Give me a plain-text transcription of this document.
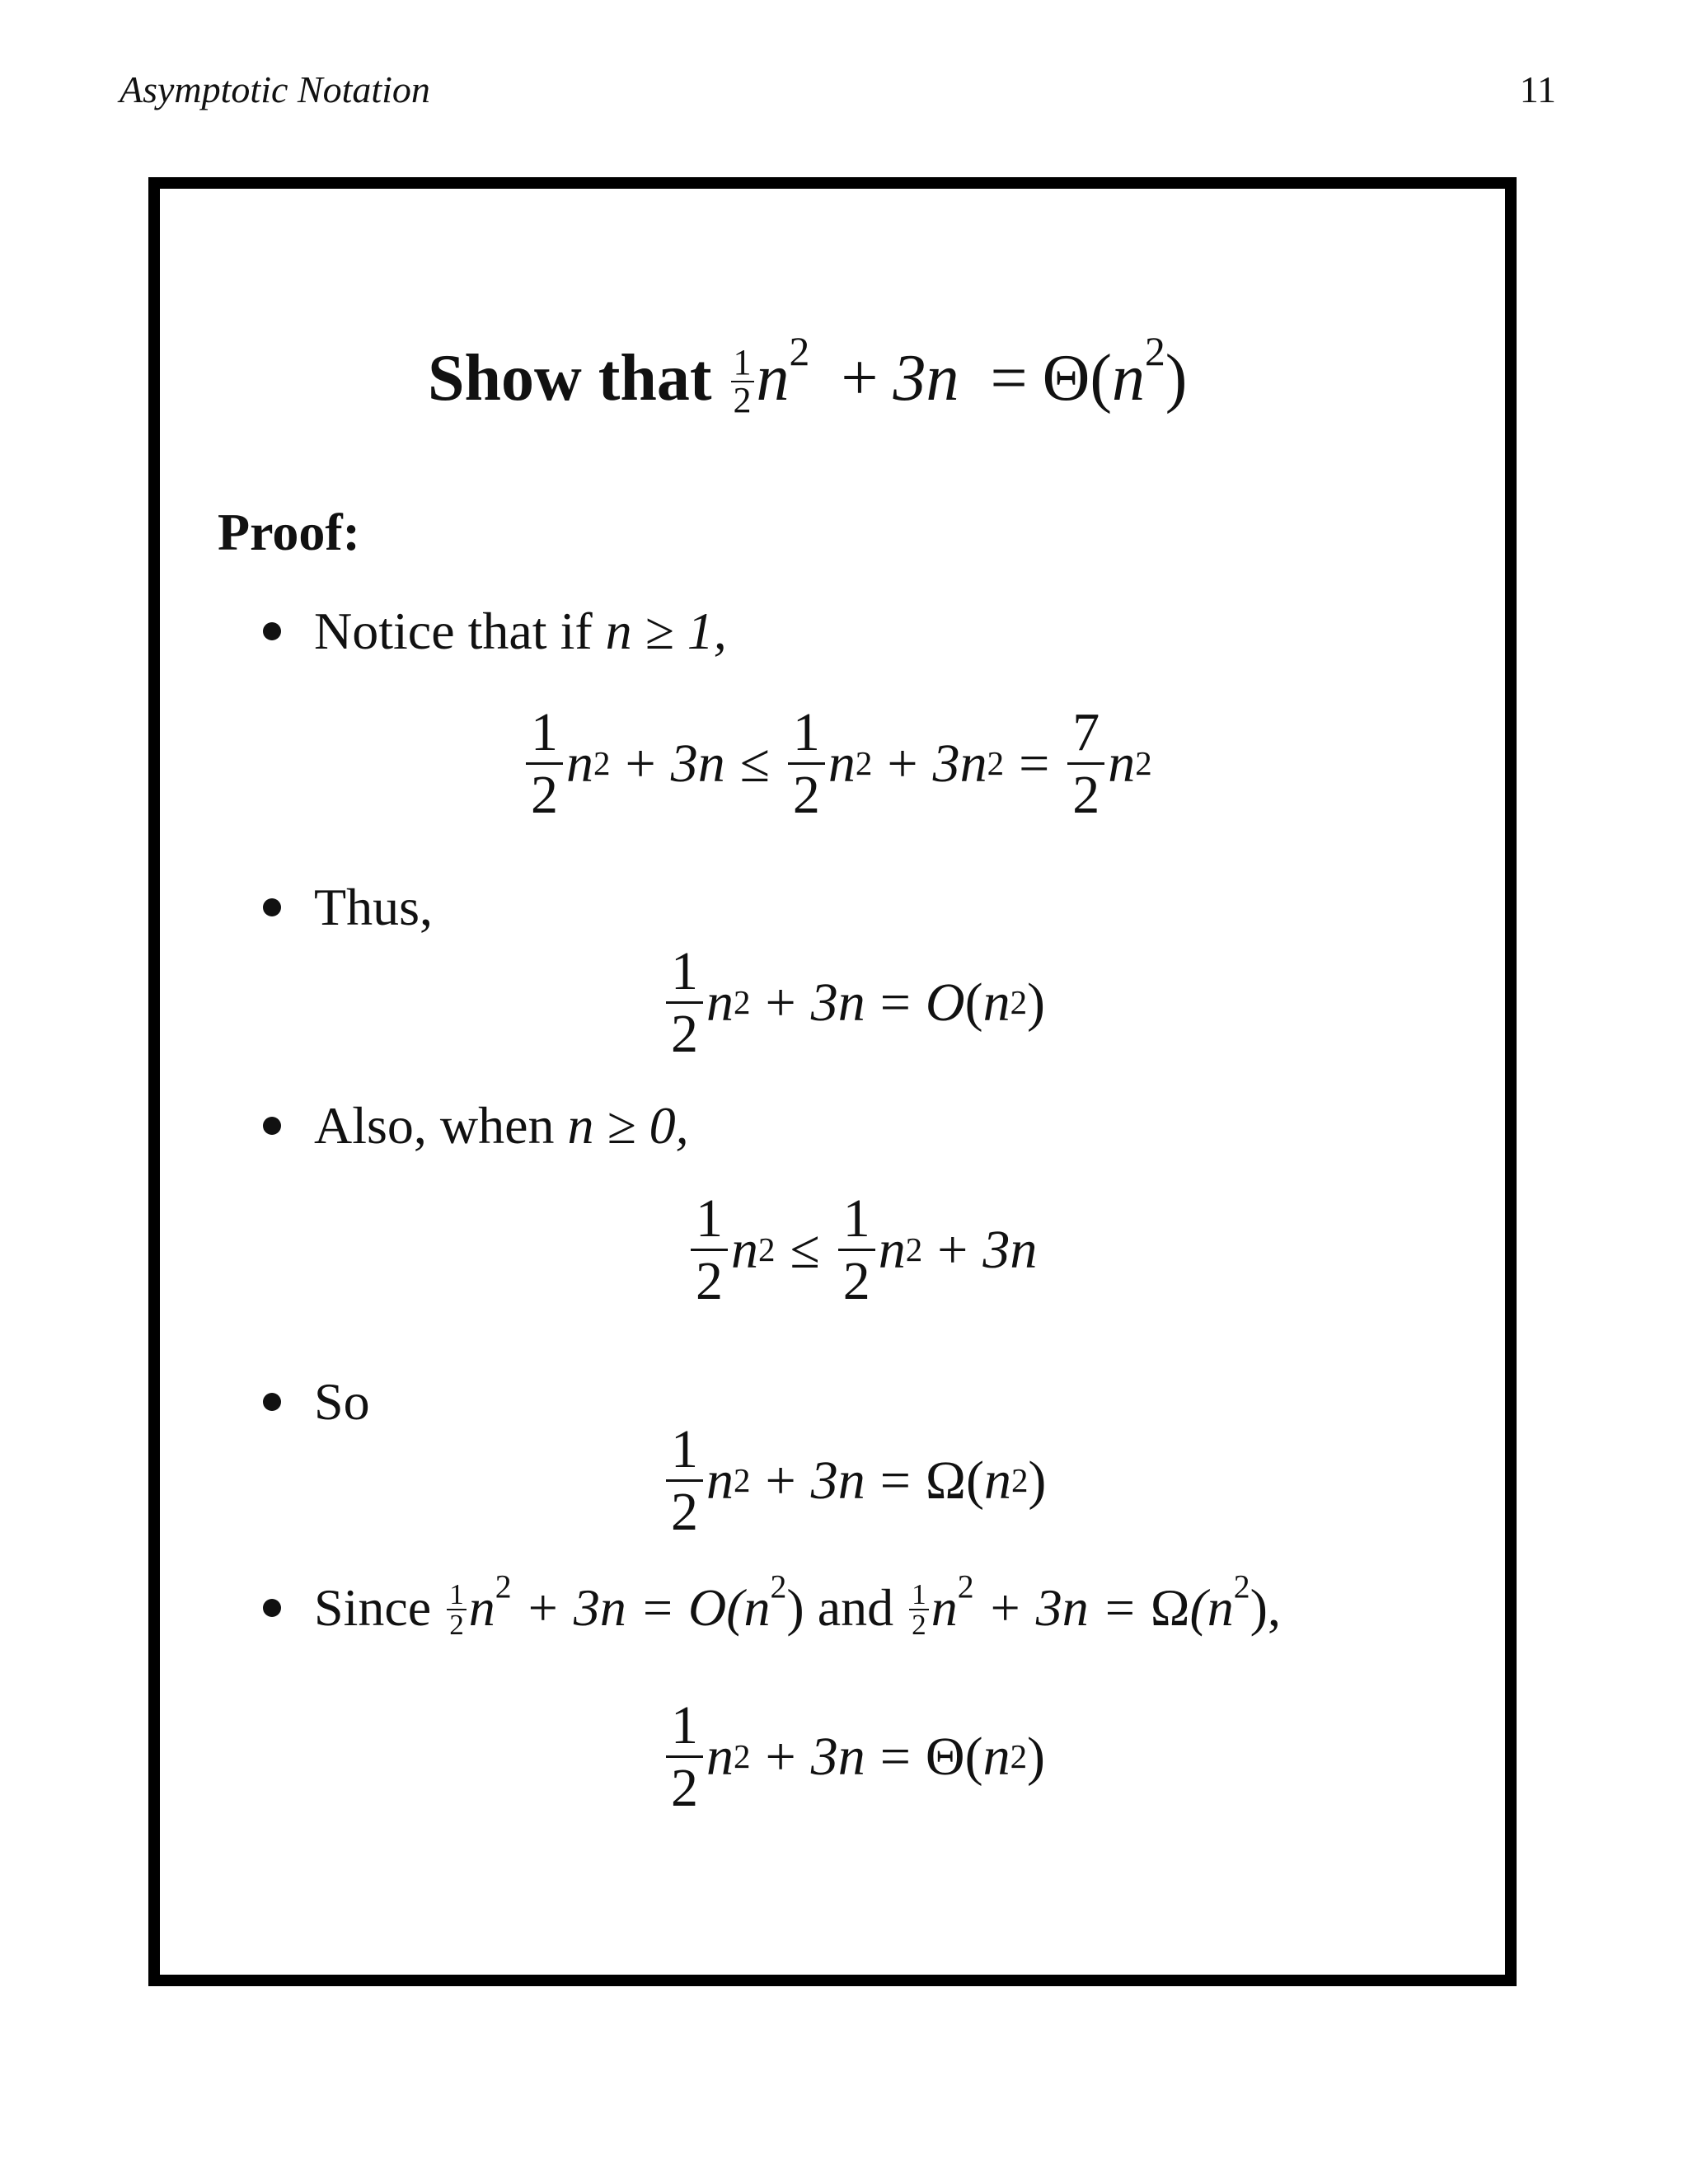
Asymptotic Notation	11
Show that $\frac{1}{2} n^2 + 3n = \Theta(n^2)$
Proof:
Notice that if n ≥ 1,
$\frac{1}{2}$ n $2 + 3n \le \frac{1}{2}$ n 2 + 3n $2 = \frac{7}{2}$ n 2
Thus,
$\frac{1}{2}$ n 2 + 3n = O ( n 2 )
Also, when n ≥ 0,
$\frac{1}{2}$ n $2 \le \frac{1}{2}$ n 2 + 3n
So
$\frac{1}{2}$ n 2 + 3n = Ω ( n 2 )
Since $\frac{1}{2} n^2 + 3n = O(n^2)$ and $\frac{1}{2} n^2 + 3n = \Omega(n^2)$,
$\frac{1}{2}$ n 2 + 3n = Θ ( n 2 )
